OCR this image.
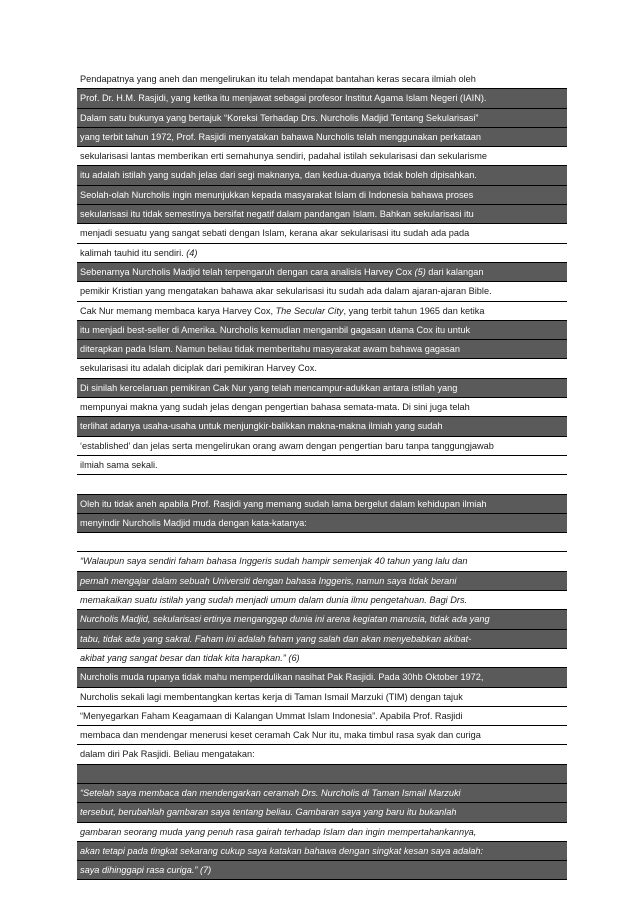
Pendapatnya yang aneh dan mengelirukan itu telah mendapat bantahan keras secara ilmiah oleh
Prof. Dr. H.M. Rasjidi, yang ketika itu menjawat sebagai profesor Institut Agama Islam Negeri (IAIN).
Dalam satu bukunya yang bertajuk “Koreksi Terhadap Drs. Nurcholis Madjid Tentang Sekularisasi”
yang terbit tahun 1972, Prof. Rasjidi menyatakan bahawa Nurcholis telah menggunakan perkataan
sekularisasi lantas memberikan erti semahunya sendiri, padahal istilah sekularisasi dan sekularisme
itu adalah istilah yang sudah jelas dari segi maknanya, dan kedua-duanya tidak boleh dipisahkan.
Seolah-olah Nurcholis ingin menunjukkan kepada masyarakat Islam di Indonesia bahawa proses
sekularisasi itu tidak semestinya bersifat negatif dalam pandangan Islam. Bahkan sekularisasi itu
menjadi sesuatu yang sangat sebati dengan Islam, kerana akar sekularisasi itu sudah ada pada
kalimah tauhid itu sendiri. (4)
Sebenarnya Nurcholis Madjid telah terpengaruh dengan cara analisis Harvey Cox (5) dari kalangan
pemikir Kristian yang mengatakan bahawa akar sekularisasi itu sudah ada dalam ajaran-ajaran Bible.
Cak Nur memang membaca karya Harvey Cox, The Secular City, yang terbit tahun 1965 dan ketika
itu menjadi best-seller di Amerika. Nurcholis kemudian mengambil gagasan utama Cox itu untuk
diterapkan pada Islam. Namun beliau tidak memberitahu masyarakat awam bahawa gagasan
sekularisasi itu adalah diciplak dari pemikiran Harvey Cox.
Di sinilah kercelaruan pemikiran Cak Nur yang telah mencampur-adukkan antara istilah yang
mempunyai makna yang sudah jelas dengan pengertian bahasa semata-mata. Di sini juga telah
terlihat adanya usaha-usaha untuk menjungkir-balikkan makna-makna ilmiah yang sudah
‘established’ dan jelas serta mengelirukan orang awam dengan pengertian baru tanpa tanggungjawab
ilmiah sama sekali.
Oleh itu tidak aneh apabila Prof. Rasjidi yang memang sudah lama bergelut dalam kehidupan ilmiah
menyindir Nurcholis Madjid muda dengan kata-katanya:
“Walaupun saya sendiri faham bahasa Inggeris sudah hampir semenjak 40 tahun yang lalu dan
pernah mengajar dalam sebuah Universiti dengan bahasa Inggeris, namun saya tidak berani
memakaikan suatu istilah yang sudah menjadi umum dalam dunia ilmu pengetahuan. Bagi Drs.
Nurcholis Madjid, sekularisasi ertinya menganggap dunia ini arena kegiatan manusia, tidak ada yang
tabu, tidak ada yang sakral. Faham ini adalah faham yang salah dan akan menyebabkan akibat-
akibat yang sangat besar dan tidak kita harapkan.” (6)
Nurcholis muda rupanya tidak mahu memperdulikan nasihat Pak Rasjidi. Pada 30hb Oktober 1972,
Nurcholis sekali lagi membentangkan kertas kerja di Taman Ismail Marzuki (TIM) dengan tajuk
“Menyegarkan Faham Keagamaan di Kalangan Ummat Islam Indonesia”. Apabila Prof. Rasjidi
membaca dan mendengar menerusi keset ceramah Cak Nur itu, maka timbul rasa syak dan curiga
dalam diri Pak Rasjidi. Beliau mengatakan:
“Setelah saya membaca dan mendengarkan ceramah Drs. Nurcholis di Taman Ismail Marzuki
tersebut, berubahlah gambaran saya tentang beliau. Gambaran saya yang baru itu bukanlah
gambaran seorang muda yang penuh rasa gairah terhadap Islam dan ingin mempertahankannya,
akan tetapi pada tingkat sekarang cukup saya katakan bahawa dengan singkat kesan saya adalah:
saya dihinggapi rasa curiga.” (7)
